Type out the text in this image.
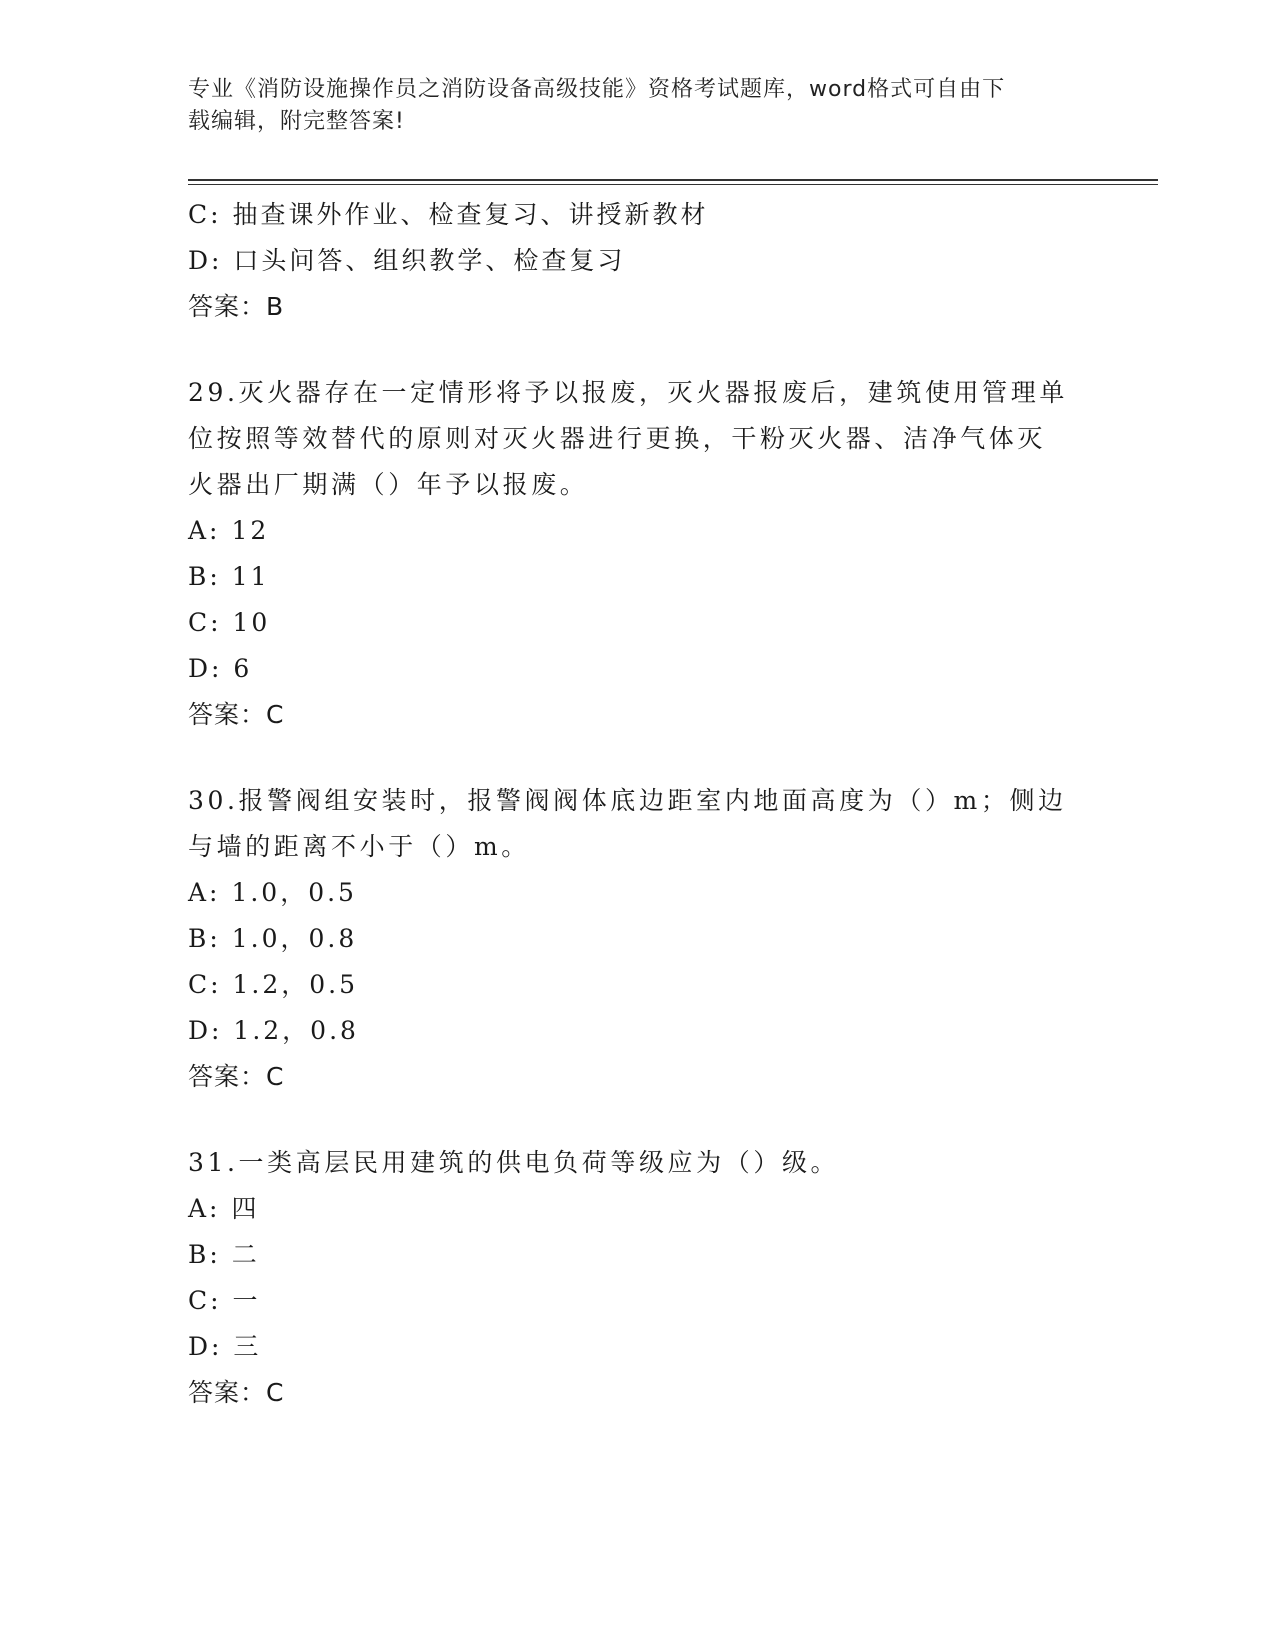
专业《消防设施操作员之消防设备高级技能》资格考试题库，word格式可自由下
载编辑，附完整答案!
C: 抽查课外作业、检查复习、讲授新教材
D: 口头问答、组织教学、检查复习
答案：B
29.灭火器存在一定情形将予以报废，灭火器报废后，建筑使用管理单
位按照等效替代的原则对灭火器进行更换，干粉灭火器、洁净气体灭
火器出厂期满（）年予以报废。
A: 12
B: 11
C: 10
D: 6
答案：C
30.报警阀组安装时，报警阀阀体底边距室内地面高度为（）m；侧边
与墙的距离不小于（）m。
A: 1.0，0.5
B: 1.0，0.8
C: 1.2，0.5
D: 1.2，0.8
答案：C
31.一类高层民用建筑的供电负荷等级应为（）级。
A: 四
B: 二
C: 一
D: 三
答案：C
